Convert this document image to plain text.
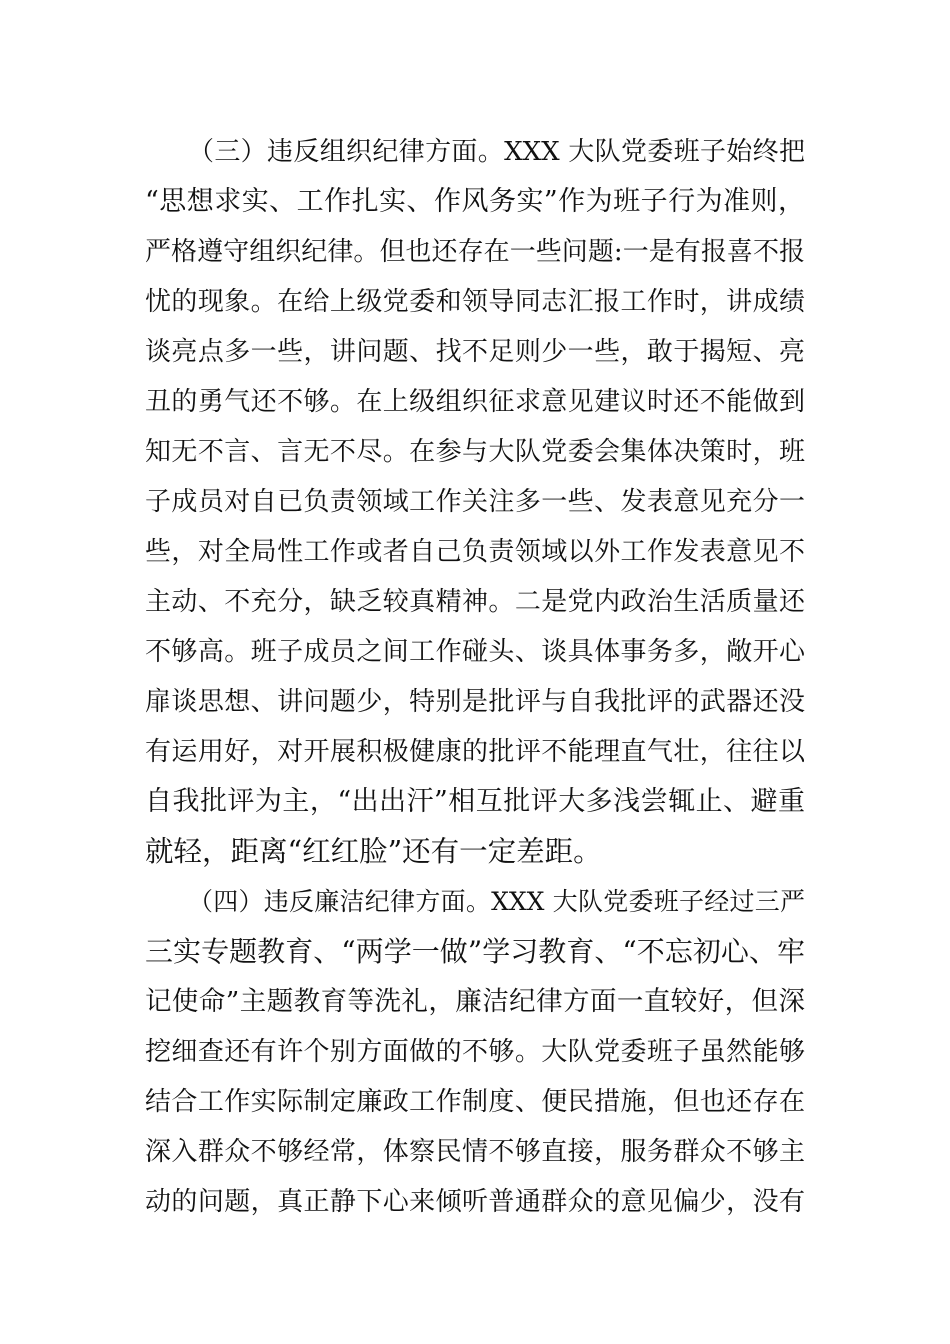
（三）违反组织纪律方面。XXX 大队党委班子始终把
“思想求实、工作扎实、作风务实”作为班子行为准则，
严格遵守组织纪律。但也还存在一些问题:一是有报喜不报
忧的现象。在给上级党委和领导同志汇报工作时，讲成绩
谈亮点多一些，讲问题、找不足则少一些，敢于揭短、亮
丑的勇气还不够。在上级组织征求意见建议时还不能做到
知无不言、言无不尽。在参与大队党委会集体决策时，班
子成员对自已负责领域工作关注多一些、发表意见充分一
些，对全局性工作或者自己负责领域以外工作发表意见不
主动、不充分，缺乏较真精神。二是党内政治生活质量还
不够高。班子成员之间工作碰头、谈具体事务多，敞开心
扉谈思想、讲问题少，特别是批评与自我批评的武器还没
有运用好，对开展积极健康的批评不能理直气壮，往往以
自我批评为主，“出出汗”相互批评大多浅尝辄止、避重
就轻，距离“红红脸”还有一定差距。
（四）违反廉洁纪律方面。XXX 大队党委班子经过三严
三实专题教育、“两学一做”学习教育、“不忘初心、牢
记使命”主题教育等洗礼，廉洁纪律方面一直较好，但深
挖细查还有许个别方面做的不够。大队党委班子虽然能够
结合工作实际制定廉政工作制度、便民措施，但也还存在
深入群众不够经常，体察民情不够直接，服务群众不够主
动的问题，真正静下心来倾听普通群众的意见偏少，没有
